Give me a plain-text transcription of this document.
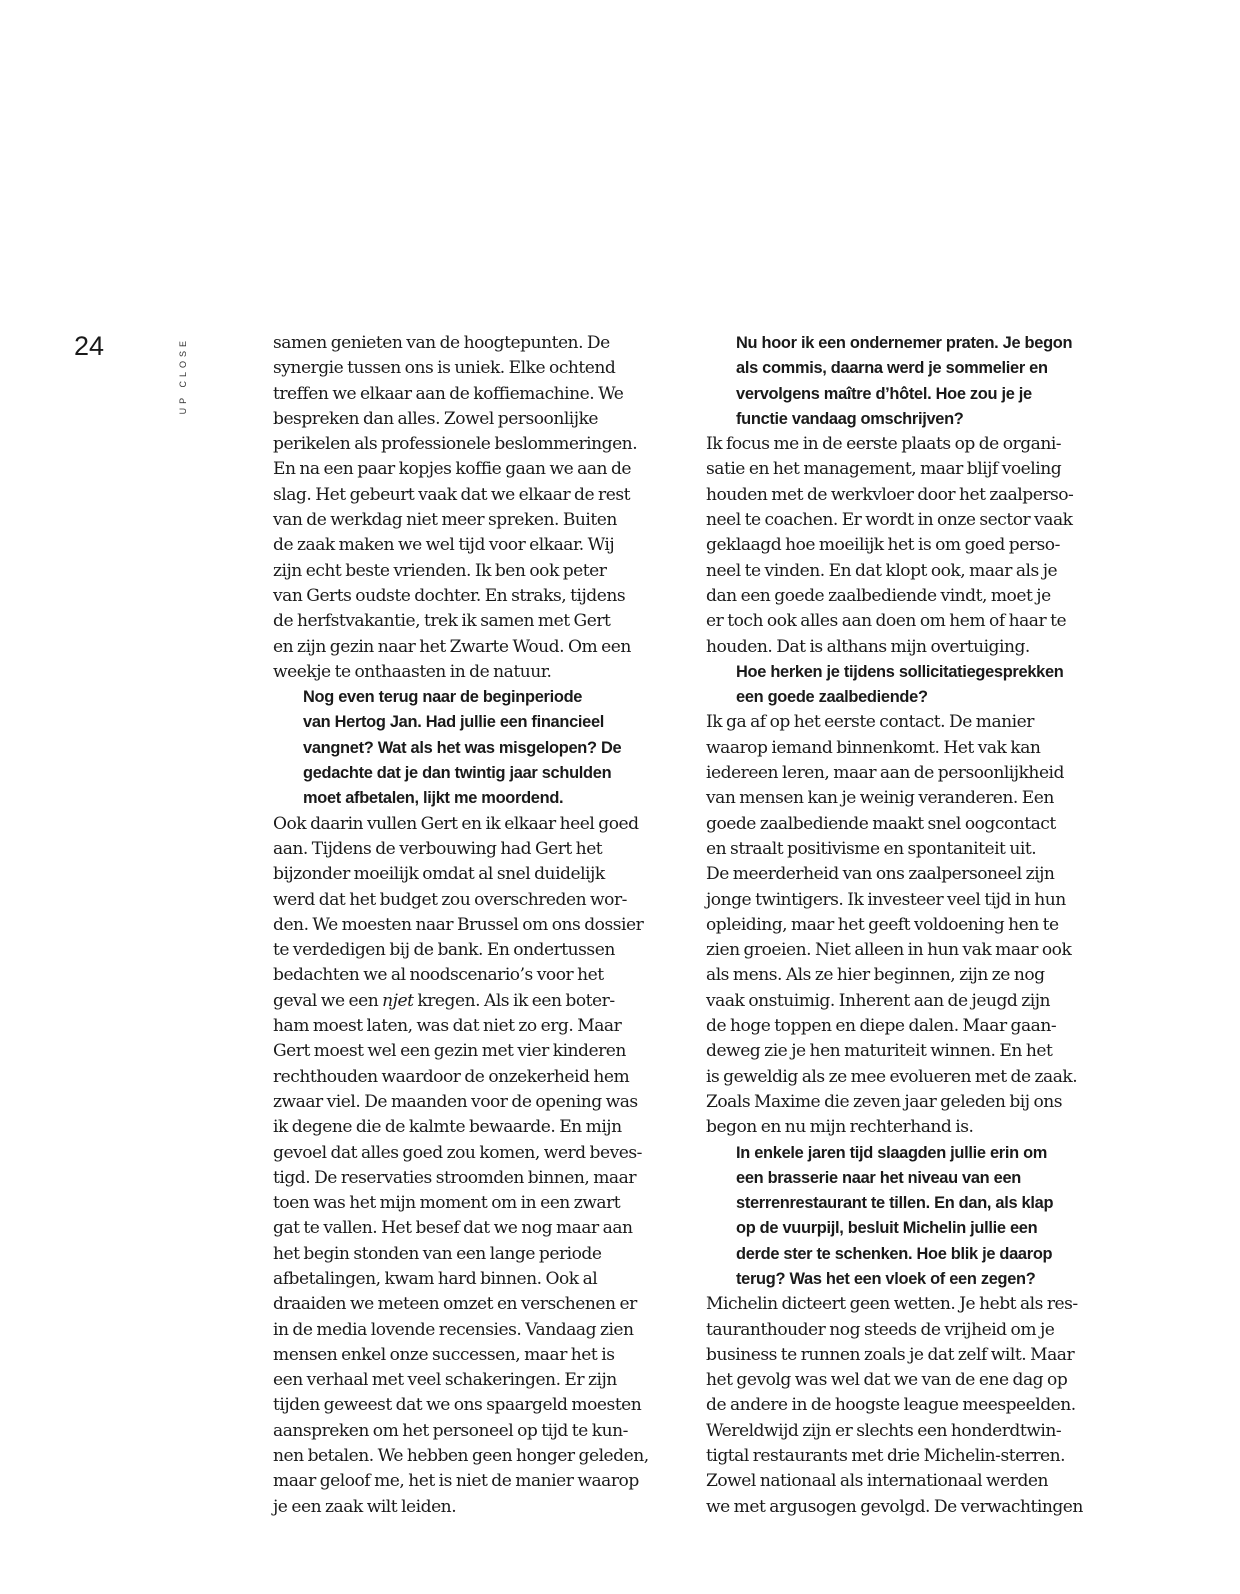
24	UP CLOSE	samen genieten van de hoogtepunten. De
synergie tussen ons is uniek. Elke ochtend
treffen we elkaar aan de koffiemachine. We
bespreken dan alles. Zowel persoonlijke
perikelen als professionele beslommeringen.
En na een paar kopjes koffie gaan we aan de
slag. Het gebeurt vaak dat we elkaar de rest
van de werkdag niet meer spreken. Buiten
de zaak maken we wel tijd voor elkaar. Wij
zijn echt beste vrienden. Ik ben ook peter
van Gerts oudste dochter. En straks, tijdens
de herfstvakantie, trek ik samen met Gert
en zijn gezin naar het Zwarte Woud. Om een
weekje te onthaasten in de natuur.

Nog even terug naar de beginperiode
van Hertog Jan. Had jullie een financieel
vangnet? Wat als het was misgelopen? De
gedachte dat je dan twintig jaar schulden
moet afbetalen, lijkt me moordend.

Ook daarin vullen Gert en ik elkaar heel goed
aan. Tijdens de verbouwing had Gert het
bijzonder moeilijk omdat al snel duidelijk
werd dat het budget zou overschreden wor-
den. We moesten naar Brussel om ons dossier
te verdedigen bij de bank. En ondertussen
bedachten we al noodscenario’s voor het
geval we een njet kregen. Als ik een boter-
ham moest laten, was dat niet zo erg. Maar
Gert moest wel een gezin met vier kinderen
rechthouden waardoor de onzekerheid hem
zwaar viel. De maanden voor de opening was
ik degene die de kalmte bewaarde. En mijn
gevoel dat alles goed zou komen, werd beves-
tigd. De reservaties stroomden binnen, maar
toen was het mijn moment om in een zwart
gat te vallen. Het besef dat we nog maar aan
het begin stonden van een lange periode
afbetalingen, kwam hard binnen. Ook al
draaiden we meteen omzet en verschenen er
in de media lovende recensies. Vandaag zien
mensen enkel onze successen, maar het is
een verhaal met veel schakeringen. Er zijn
tijden geweest dat we ons spaargeld moesten
aanspreken om het personeel op tijd te kun-
nen betalen. We hebben geen honger geleden,
maar geloof me, het is niet de manier waarop
je een zaak wilt leiden.

Nu hoor ik een ondernemer praten. Je begon
als commis, daarna werd je sommelier en
vervolgens maître d’hôtel. Hoe zou je je
functie vandaag omschrijven?

Ik focus me in de eerste plaats op de organi-
satie en het management, maar blijf voeling
houden met de werkvloer door het zaalperso-
neel te coachen. Er wordt in onze sector vaak
geklaagd hoe moeilijk het is om goed perso-
neel te vinden. En dat klopt ook, maar als je
dan een goede zaalbediende vindt, moet je
er toch ook alles aan doen om hem of haar te
houden. Dat is althans mijn overtuiging.

Hoe herken je tijdens sollicitatiegesprekken
een goede zaalbediende?

Ik ga af op het eerste contact. De manier
waarop iemand binnenkomt. Het vak kan
iedereen leren, maar aan de persoonlijkheid
van mensen kan je weinig veranderen. Een
goede zaalbediende maakt snel oogcontact
en straalt positivisme en spontaniteit uit.
De meerderheid van ons zaalpersoneel zijn
jonge twintigers. Ik investeer veel tijd in hun
opleiding, maar het geeft voldoening hen te
zien groeien. Niet alleen in hun vak maar ook
als mens. Als ze hier beginnen, zijn ze nog
vaak onstuimig. Inherent aan de jeugd zijn
de hoge toppen en diepe dalen. Maar gaan-
deweg zie je hen maturiteit winnen. En het
is geweldig als ze mee evolueren met de zaak.
Zoals Maxime die zeven jaar geleden bij ons
begon en nu mijn rechterhand is.

In enkele jaren tijd slaagden jullie erin om
een brasserie naar het niveau van een
sterrenrestaurant te tillen. En dan, als klap
op de vuurpijl, besluit Michelin jullie een
derde ster te schenken. Hoe blik je daarop
terug? Was het een vloek of een zegen?

Michelin dicteert geen wetten. Je hebt als res-
tauranthouder nog steeds de vrijheid om je
business te runnen zoals je dat zelf wilt. Maar
het gevolg was wel dat we van de ene dag op
de andere in de hoogste league meespeelden.
Wereldwijd zijn er slechts een honderdtwin-
tigtal restaurants met drie Michelin-sterren.
Zowel nationaal als internationaal werden
we met argusogen gevolgd. De verwachtingen
